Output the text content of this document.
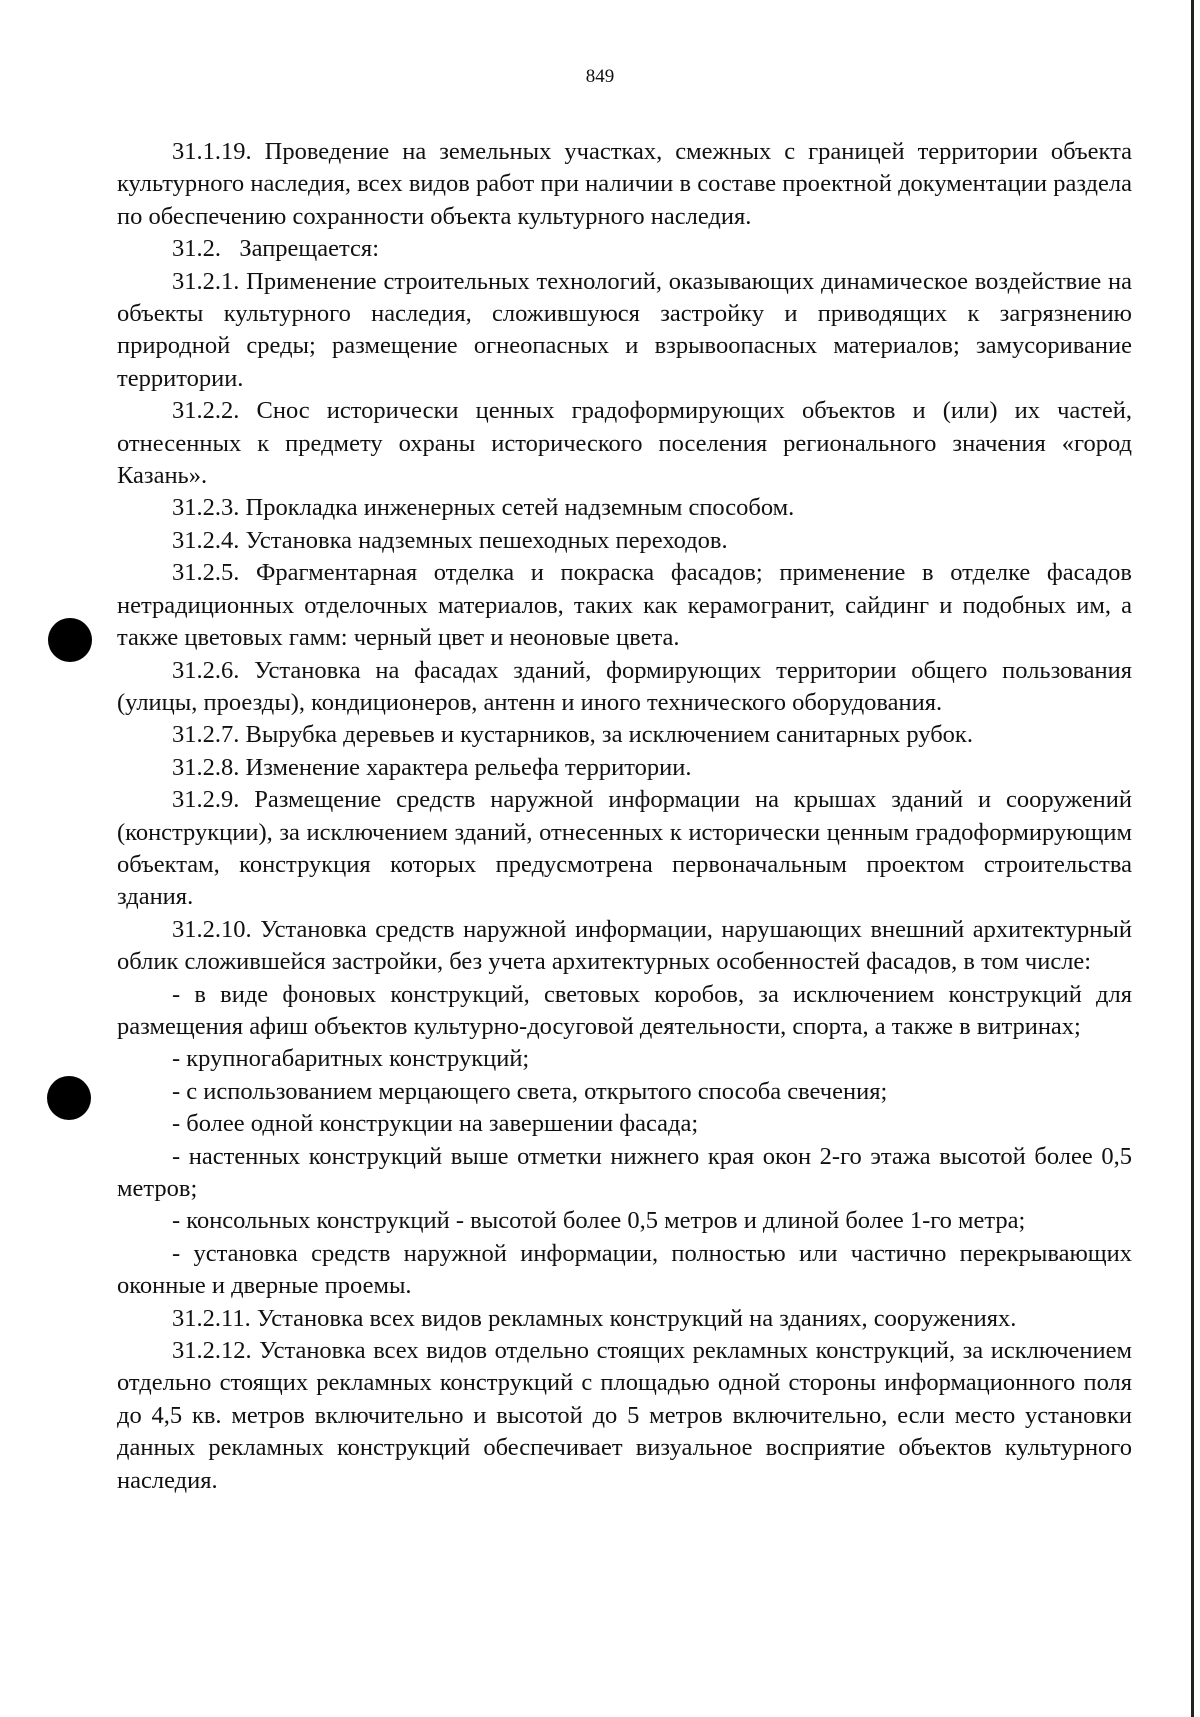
849

31.1.19. Проведение на земельных участках, смежных с границей территории объекта культурного наследия, всех видов работ при наличии в составе проектной документации раздела по обеспечению сохранности объекта культурного наследия.

31.2.   Запрещается:

31.2.1. Применение строительных технологий, оказывающих динамическое воздействие на объекты культурного наследия, сложившуюся застройку и приводящих к загрязнению природной среды; размещение огнеопасных и взрывоопасных материалов; замусоривание территории.

31.2.2. Снос исторически ценных градоформирующих объектов и (или) их частей, отнесенных к предмету охраны исторического поселения регионального значения «город Казань».

31.2.3. Прокладка инженерных сетей надземным способом.

31.2.4. Установка надземных пешеходных переходов.

31.2.5. Фрагментарная отделка и покраска фасадов; применение в отделке фасадов нетрадиционных отделочных материалов, таких как керамогранит, сайдинг и подобных им, а также цветовых гамм: черный цвет и неоновые цвета.

31.2.6. Установка на фасадах зданий, формирующих территории общего пользования (улицы, проезды), кондиционеров, антенн и иного технического оборудования.

31.2.7. Вырубка деревьев и кустарников, за исключением санитарных рубок.

31.2.8. Изменение характера рельефа территории.

31.2.9. Размещение средств наружной информации на крышах зданий и сооружений (конструкции), за исключением зданий, отнесенных к исторически ценным градоформирующим объектам, конструкция которых предусмотрена первоначальным проектом строительства здания.

31.2.10. Установка средств наружной информации, нарушающих внешний архитектурный облик сложившейся застройки, без учета архитектурных особенностей фасадов, в том числе:

- в виде фоновых конструкций, световых коробов, за исключением конструкций для размещения афиш объектов культурно-досуговой деятельности, спорта, а также в витринах;

- крупногабаритных конструкций;

- с использованием мерцающего света, открытого способа свечения;

- более одной конструкции на завершении фасада;

- настенных конструкций выше отметки нижнего края окон 2-го этажа высотой более 0,5 метров;

- консольных конструкций - высотой более 0,5 метров и длиной более 1-го метра;

- установка средств наружной информации, полностью или частично перекрывающих оконные и дверные проемы.

31.2.11. Установка всех видов рекламных конструкций на зданиях, сооружениях.

31.2.12. Установка всех видов отдельно стоящих рекламных конструкций, за исключением отдельно стоящих рекламных конструкций с площадью одной стороны информационного поля до 4,5 кв. метров включительно и высотой до 5 метров включительно, если место установки данных рекламных конструкций обеспечивает визуальное восприятие объектов культурного наследия.
